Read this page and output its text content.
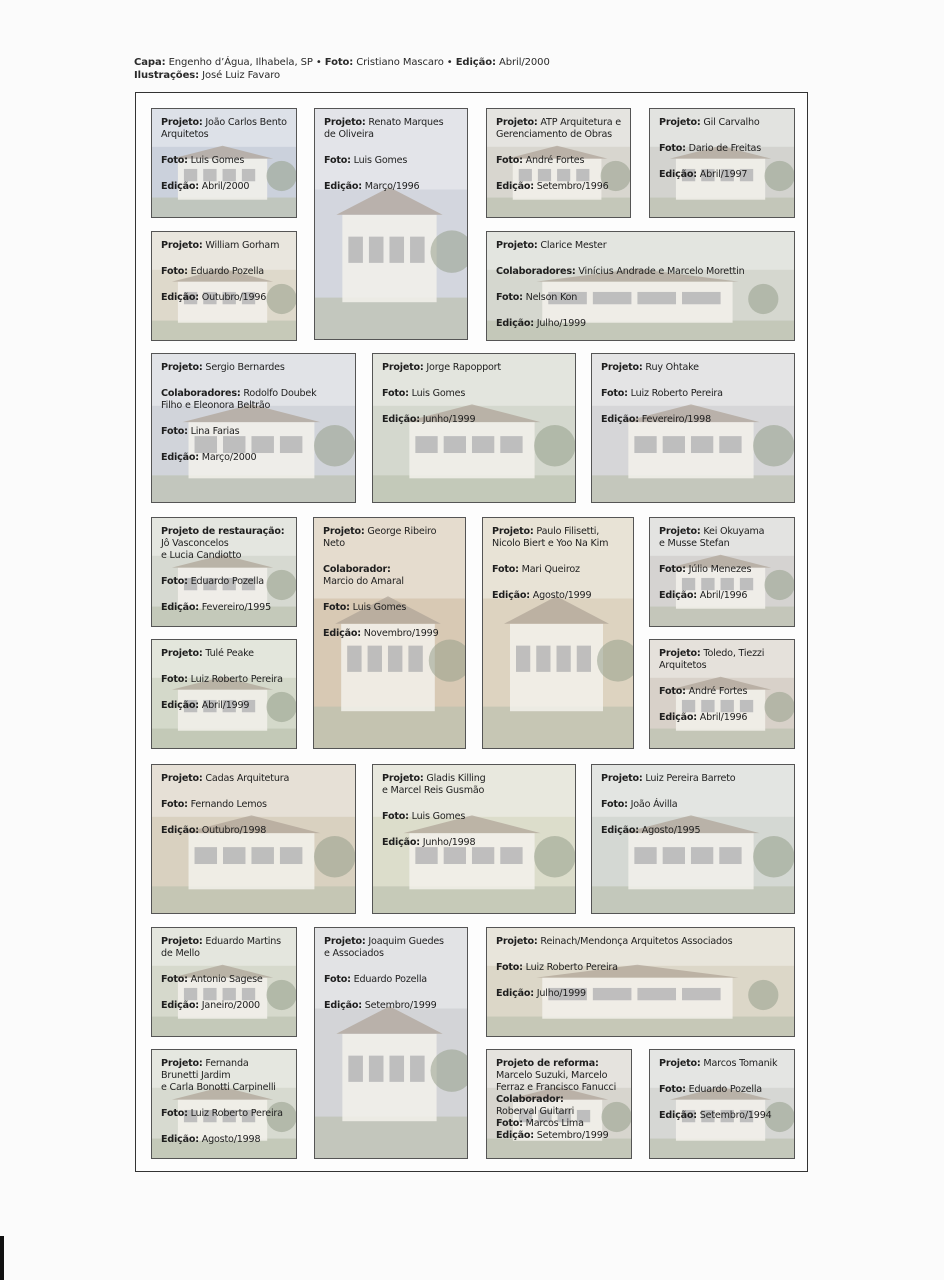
Capa: Engenho d’Água, Ilhabela, SP • Foto: Cristiano Mascaro • Edição: Abril/2000
Ilustrações: José Luiz Favaro
Projeto: João Carlos Bento
Arquitetos
Foto: Luis Gomes
Edição: Abril/2000
Projeto: Renato Marques
de Oliveira
Foto: Luis Gomes
Edição: Março/1996
Projeto: ATP Arquitetura e
Gerenciamento de Obras
Foto: André Fortes
Edição: Setembro/1996
Projeto: Gil Carvalho
Foto: Dario de Freitas
Edição: Abril/1997
Projeto: William Gorham
Foto: Eduardo Pozella
Edição: Outubro/1996
Projeto: Clarice Mester
Colaboradores: Vinícius Andrade e Marcelo Morettin
Foto: Nelson Kon
Edição: Julho/1999
Projeto: Sergio Bernardes
Colaboradores: Rodolfo Doubek
Filho e Eleonora Beltrão
Foto: Lina Farias
Edição: Março/2000
Projeto: Jorge Rapopport
Foto: Luis Gomes
Edição: Junho/1999
Projeto: Ruy Ohtake
Foto: Luiz Roberto Pereira
Edição: Fevereiro/1998
Projeto de restauração:
Jô Vasconcelos
e Lucia Candiotto
Foto: Eduardo Pozella
Edição: Fevereiro/1995
Projeto: George Ribeiro
Neto
Colaborador:
Marcio do Amaral
Foto: Luis Gomes
Edição: Novembro/1999
Projeto: Paulo Filisetti,
Nicolo Biert e Yoo Na Kim
Foto: Mari Queiroz
Edição: Agosto/1999
Projeto: Kei Okuyama
e Musse Stefan
Foto: Júlio Menezes
Edição: Abril/1996
Projeto: Tulé Peake
Foto: Luiz Roberto Pereira
Edição: Abril/1999
Projeto: Toledo, Tiezzi
Arquitetos
Foto: André Fortes
Edição: Abril/1996
Projeto: Cadas Arquitetura
Foto: Fernando Lemos
Edição: Outubro/1998
Projeto: Gladis Killing
e Marcel Reis Gusmão
Foto: Luis Gomes
Edição: Junho/1998
Projeto: Luiz Pereira Barreto
Foto: João Ávilla
Edição: Agosto/1995
Projeto: Eduardo Martins
de Mello
Foto: Antonio Sagese
Edição: Janeiro/2000
Projeto: Joaquim Guedes
e Associados
Foto: Eduardo Pozella
Edição: Setembro/1999
Projeto: Reinach/Mendonça Arquitetos Associados
Foto: Luiz Roberto Pereira
Edição: Julho/1999
Projeto: Fernanda
Brunetti Jardim
e Carla Bonotti Carpinelli
Foto: Luiz Roberto Pereira
Edição: Agosto/1998
Projeto de reforma:
Marcelo Suzuki, Marcelo
Ferraz e Francisco Fanucci
Colaborador:
Roberval Guitarri
Foto: Marcos Lima
Edição: Setembro/1999
Projeto: Marcos Tomanik
Foto: Eduardo Pozella
Edição: Setembro/1994
